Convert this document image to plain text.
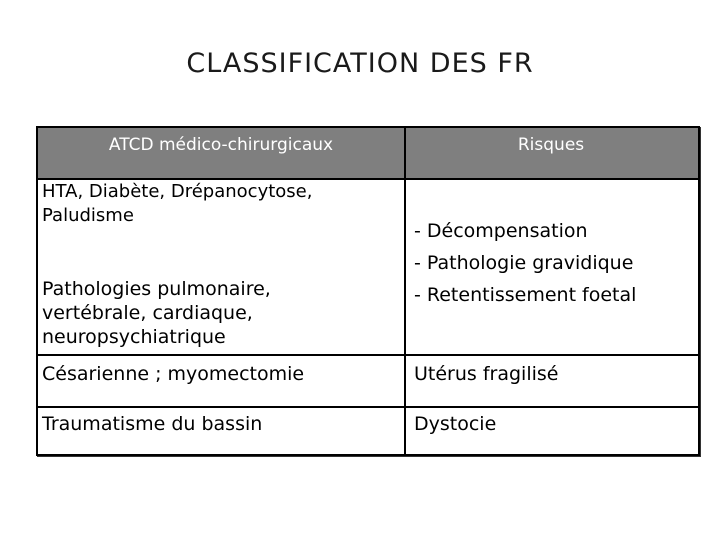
CLASSIFICATION DES FR
ATCD médico-chirurgicaux	Risques
HTA, Diabète, Drépanocytose, Paludisme
Pathologies pulmonaire, vertébrale, cardiaque, neuropsychiatrique
Césarienne ; myomectomie
Traumatisme du bassin
- Décompensation
- Pathologie gravidique
- Retentissement foetal
Utérus fragilisé
Dystocie
